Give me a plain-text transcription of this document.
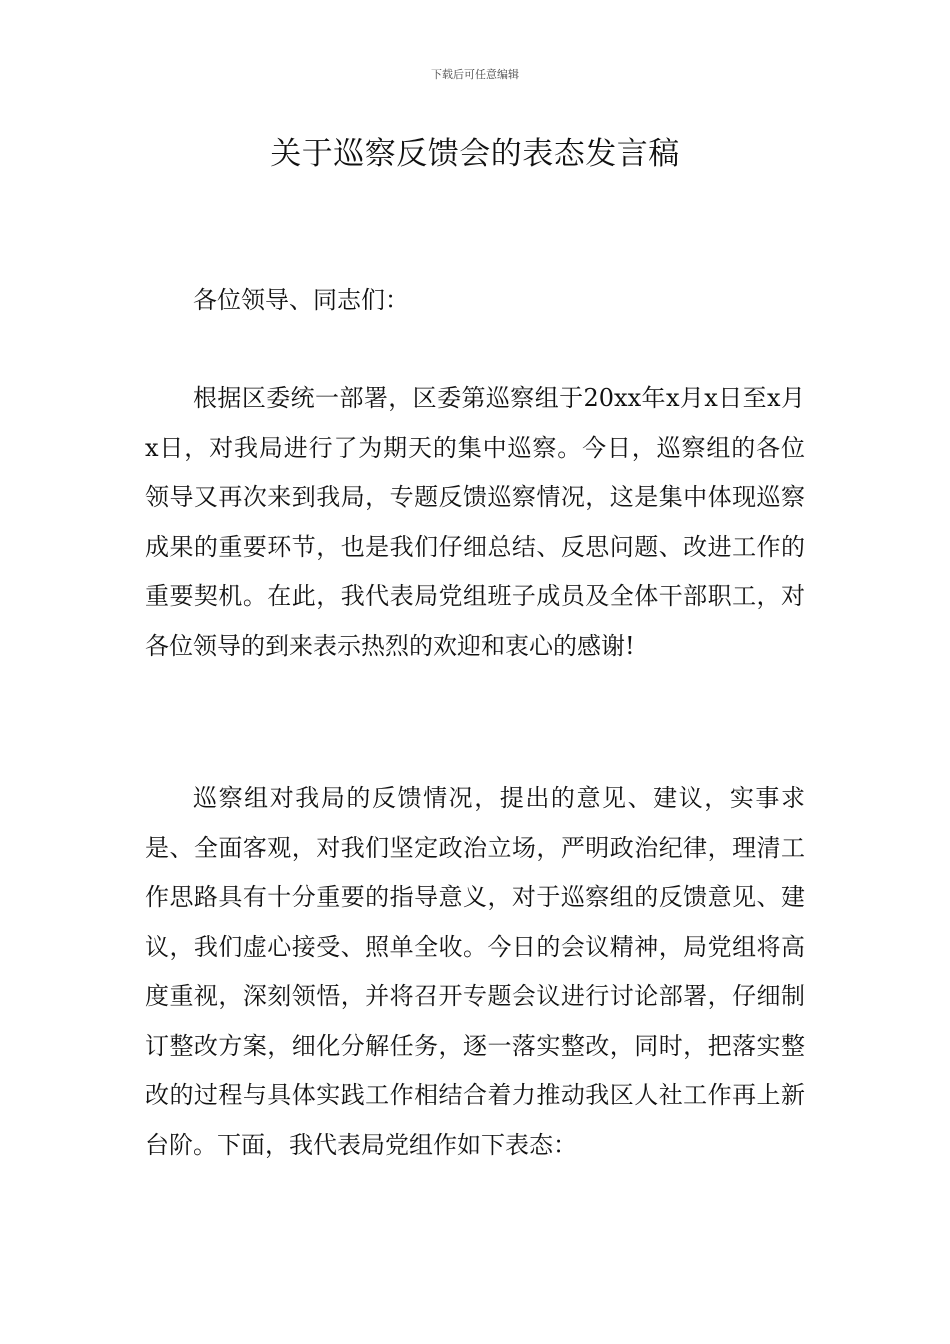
下载后可任意编辑
关于巡察反馈会的表态发言稿

各位领导、同志们：

根据区委统一部署，区委第巡察组于20xx年x月x日至x月x日，对我局进行了为期天的集中巡察。今日，巡察组的各位领导又再次来到我局，专题反馈巡察情况，这是集中体现巡察成果的重要环节，也是我们仔细总结、反思问题、改进工作的重要契机。在此，我代表局党组班子成员及全体干部职工，对各位领导的到来表示热烈的欢迎和衷心的感谢!

巡察组对我局的反馈情况，提出的意见、建议，实事求是、全面客观，对我们坚定政治立场，严明政治纪律，理清工作思路具有十分重要的指导意义，对于巡察组的反馈意见、建议，我们虚心接受、照单全收。今日的会议精神，局党组将高度重视，深刻领悟，并将召开专题会议进行讨论部署，仔细制订整改方案，细化分解任务，逐一落实整改，同时，把落实整改的过程与具体实践工作相结合着力推动我区人社工作再上新台阶。下面，我代表局党组作如下表态：
